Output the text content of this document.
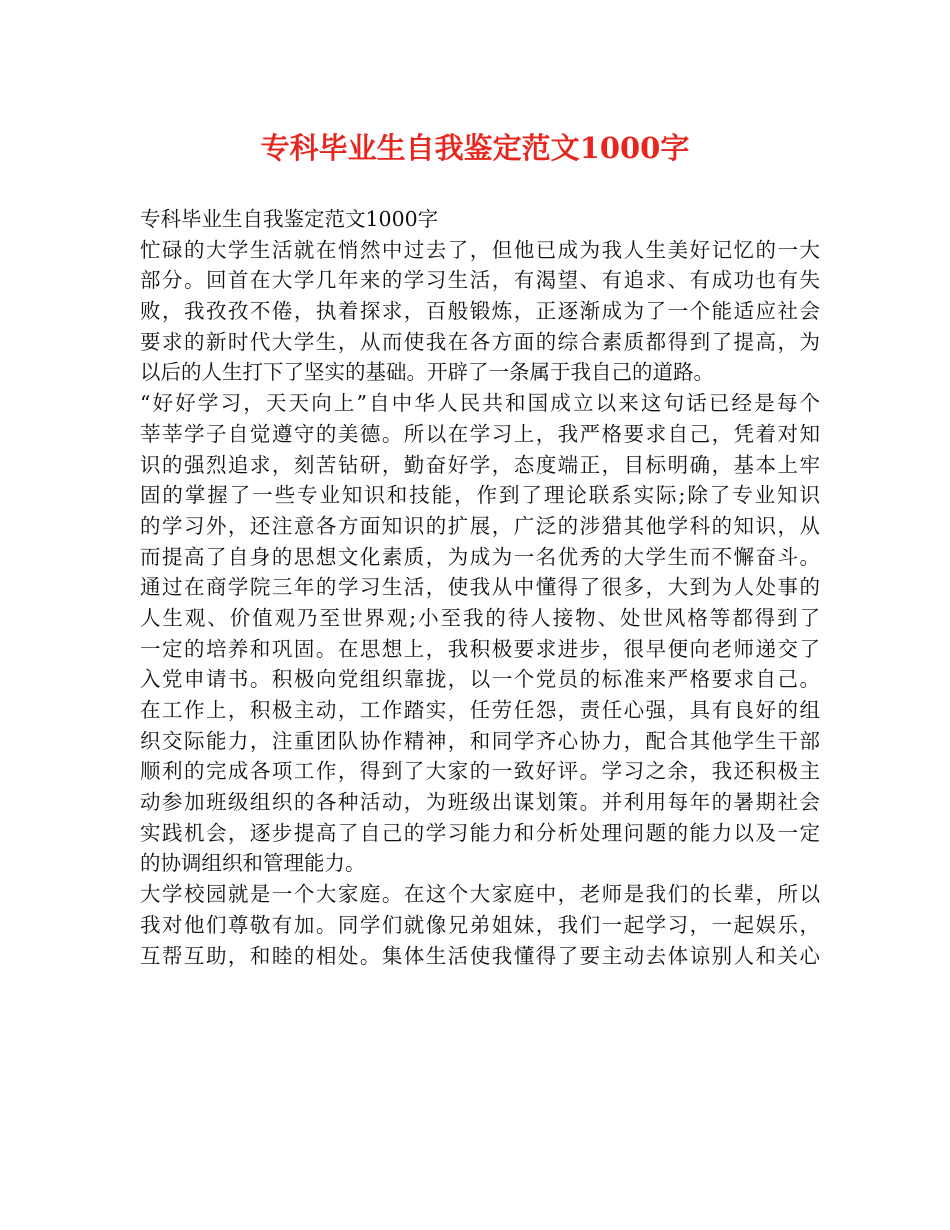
专科毕业生自我鉴定范文1000字
专科毕业生自我鉴定范文1000字
忙碌的大学生活就在悄然中过去了，但他已成为我人生美好记忆的一大
部分。回首在大学几年来的学习生活，有渴望、有追求、有成功也有失
败，我孜孜不倦，执着探求，百般锻炼，正逐渐成为了一个能适应社会
要求的新时代大学生，从而使我在各方面的综合素质都得到了提高，为
以后的人生打下了坚实的基础。开辟了一条属于我自己的道路。
“好好学习，天天向上”自中华人民共和国成立以来这句话已经是每个
莘莘学子自觉遵守的美德。所以在学习上，我严格要求自己，凭着对知
识的强烈追求，刻苦钻研，勤奋好学，态度端正，目标明确，基本上牢
固的掌握了一些专业知识和技能，作到了理论联系实际;除了专业知识
的学习外，还注意各方面知识的扩展，广泛的涉猎其他学科的知识，从
而提高了自身的思想文化素质，为成为一名优秀的大学生而不懈奋斗。
通过在商学院三年的学习生活，使我从中懂得了很多，大到为人处事的
人生观、价值观乃至世界观;小至我的待人接物、处世风格等都得到了
一定的培养和巩固。在思想上，我积极要求进步，很早便向老师递交了
入党申请书。积极向党组织靠拢，以一个党员的标准来严格要求自己。
在工作上，积极主动，工作踏实，任劳任怨，责任心强，具有良好的组
织交际能力，注重团队协作精神，和同学齐心协力，配合其他学生干部
顺利的完成各项工作，得到了大家的一致好评。学习之余，我还积极主
动参加班级组织的各种活动，为班级出谋划策。并利用每年的暑期社会
实践机会，逐步提高了自己的学习能力和分析处理问题的能力以及一定
的协调组织和管理能力。
大学校园就是一个大家庭。在这个大家庭中，老师是我们的长辈，所以
我对他们尊敬有加。同学们就像兄弟姐妹，我们一起学习，一起娱乐，
互帮互助，和睦的相处。集体生活使我懂得了要主动去体谅别人和关心
